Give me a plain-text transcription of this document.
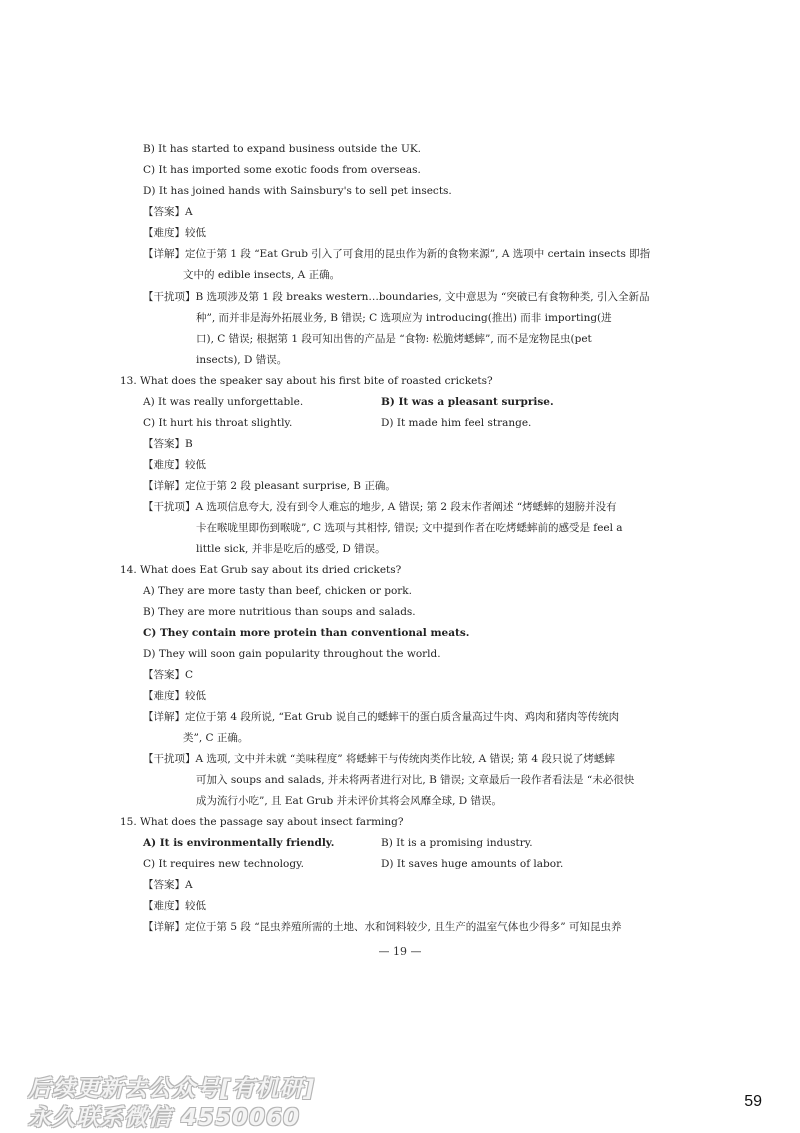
B) It has started to expand business outside the UK.
C) It has imported some exotic foods from overseas.
D) It has joined hands with Sainsbury's to sell pet insects.
【答案】A
【难度】较低
【详解】定位于第 1 段 “Eat Grub 引入了可食用的昆虫作为新的食物来源”, A 选项中 certain insects 即指
文中的 edible insects, A 正确。
【干扰项】B 选项涉及第 1 段 breaks western…boundaries, 文中意思为 “突破已有食物种类, 引入全新品
种”, 而并非是海外拓展业务, B 错误; C 选项应为 introducing(推出) 而非 importing(进
口), C 错误; 根据第 1 段可知出售的产品是 “食物: 松脆烤蟋蟀”, 而不是宠物昆虫(pet
insects), D 错误。
13. What does the speaker say about his first bite of roasted crickets?
A) It was really unforgettable.	B) It was a pleasant surprise.
C) It hurt his throat slightly.	D) It made him feel strange.
【答案】B
【难度】较低
【详解】定位于第 2 段 pleasant surprise, B 正确。
【干扰项】A 选项信息夸大, 没有到令人难忘的地步, A 错误; 第 2 段末作者阐述 “烤蟋蟀的翅膀并没有
卡在喉咙里即伤到喉咙”, C 选项与其相悖, 错误; 文中提到作者在吃烤蟋蟀前的感受是 feel a
little sick, 并非是吃后的感受, D 错误。
14. What does Eat Grub say about its dried crickets?
A) They are more tasty than beef, chicken or pork.
B) They are more nutritious than soups and salads.
C) They contain more protein than conventional meats.
D) They will soon gain popularity throughout the world.
【答案】C
【难度】较低
【详解】定位于第 4 段所说, “Eat Grub 说自己的蟋蟀干的蛋白质含量高过牛肉、鸡肉和猪肉等传统肉
类”, C 正确。
【干扰项】A 选项, 文中并未就 “美味程度” 将蟋蟀干与传统肉类作比较, A 错误; 第 4 段只说了烤蟋蟀
可加入 soups and salads, 并未将两者进行对比, B 错误; 文章最后一段作者看法是 “未必很快
成为流行小吃”, 且 Eat Grub 并未评价其将会风靡全球, D 错误。
15. What does the passage say about insect farming?
A) It is environmentally friendly.	B) It is a promising industry.
C) It requires new technology.	D) It saves huge amounts of labor.
【答案】A
【难度】较低
【详解】定位于第 5 段 “昆虫养殖所需的土地、水和饲料较少, 且生产的温室气体也少得多” 可知昆虫养
— 19 —
后续更新去公众号[有机研]
永久联系微信 4550060
59
